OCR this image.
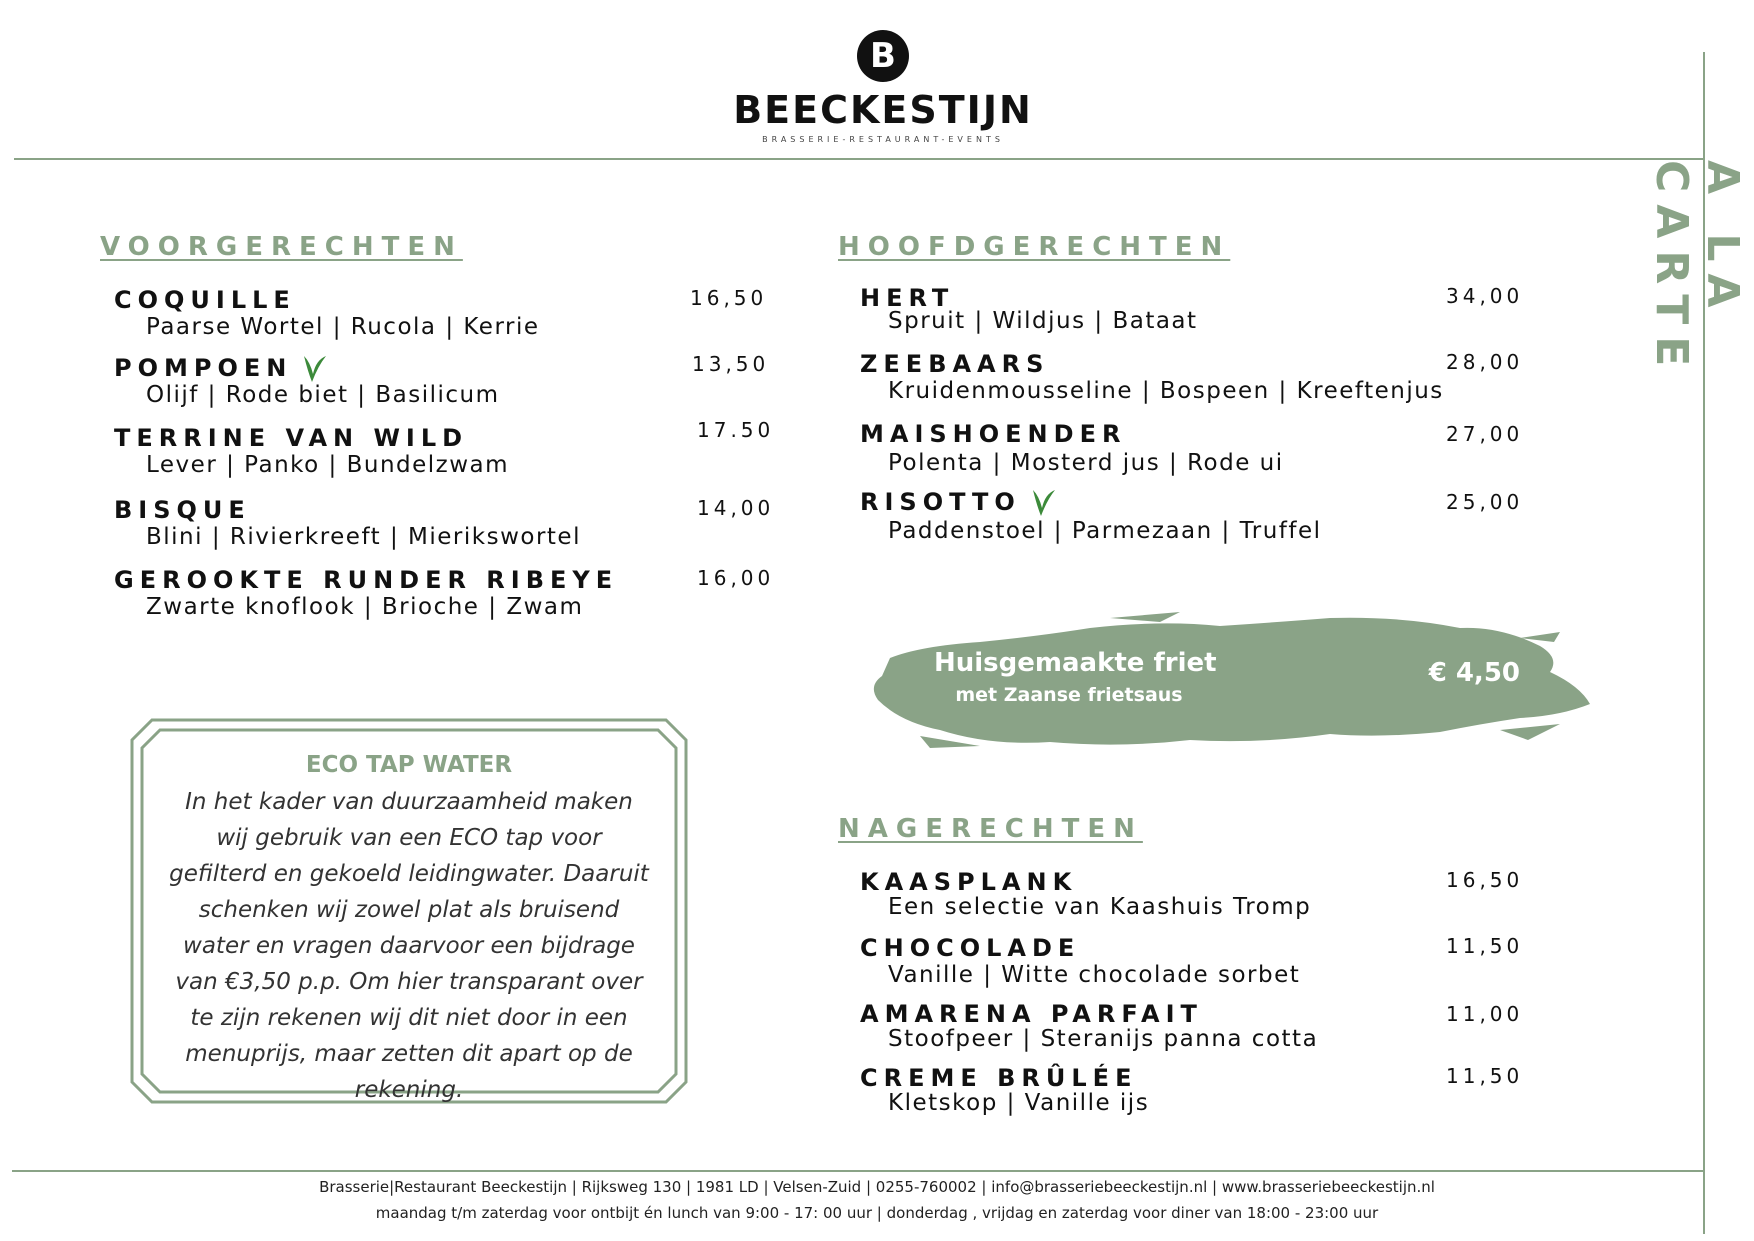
B
BEECKESTIJN
BRASSERIE-RESTAURANT-EVENTS
A LA CARTE
VOORGERECHTEN
COQUILLE	16,50
Paarse Wortel | Rucola | Kerrie
POMPOEN	13,50
Olijf | Rode biet | Basilicum
TERRINE VAN WILD	17.50
Lever | Panko | Bundelzwam
BISQUE	14,00
Blini | Rivierkreeft | Mierikswortel
GEROOKTE RUNDER RIBEYE	16,00
Zwarte knoflook | Brioche | Zwam
ECO TAP WATER
In het kader van duurzaamheid maken wij gebruik van een ECO tap voor gefilterd en gekoeld leidingwater. Daaruit schenken wij zowel plat als bruisend water en vragen daarvoor een bijdrage van €3,50 p.p. Om hier transparant over te zijn rekenen wij dit niet door in een menuprijs, maar zetten dit apart op de rekening.
HOOFDGERECHTEN
HERT	34,00
Spruit | Wildjus | Bataat
ZEEBAARS	28,00
Kruidenmousseline | Bospeen | Kreeftenjus
MAISHOENDER	27,00
Polenta | Mosterd jus | Rode ui
RISOTTO	25,00
Paddenstoel | Parmezaan | Truffel
Huisgemaakte friet
met Zaanse frietsaus
€ 4,50
NAGERECHTEN
KAASPLANK	16,50
Een selectie van Kaashuis Tromp
CHOCOLADE	11,50
Vanille | Witte chocolade sorbet
AMARENA PARFAIT	11,00
Stoofpeer | Steranijs panna cotta
CREME BRÛLÉE	11,50
Kletskop | Vanille ijs
Brasserie|Restaurant Beeckestijn | Rijksweg 130 | 1981 LD | Velsen-Zuid | 0255-760002 | info@brasseriebeeckestijn.nl | www.brasseriebeeckestijn.nl
maandag t/m zaterdag voor ontbijt én lunch van 9:00 - 17: 00 uur | donderdag , vrijdag en zaterdag voor diner van 18:00 - 23:00 uur
